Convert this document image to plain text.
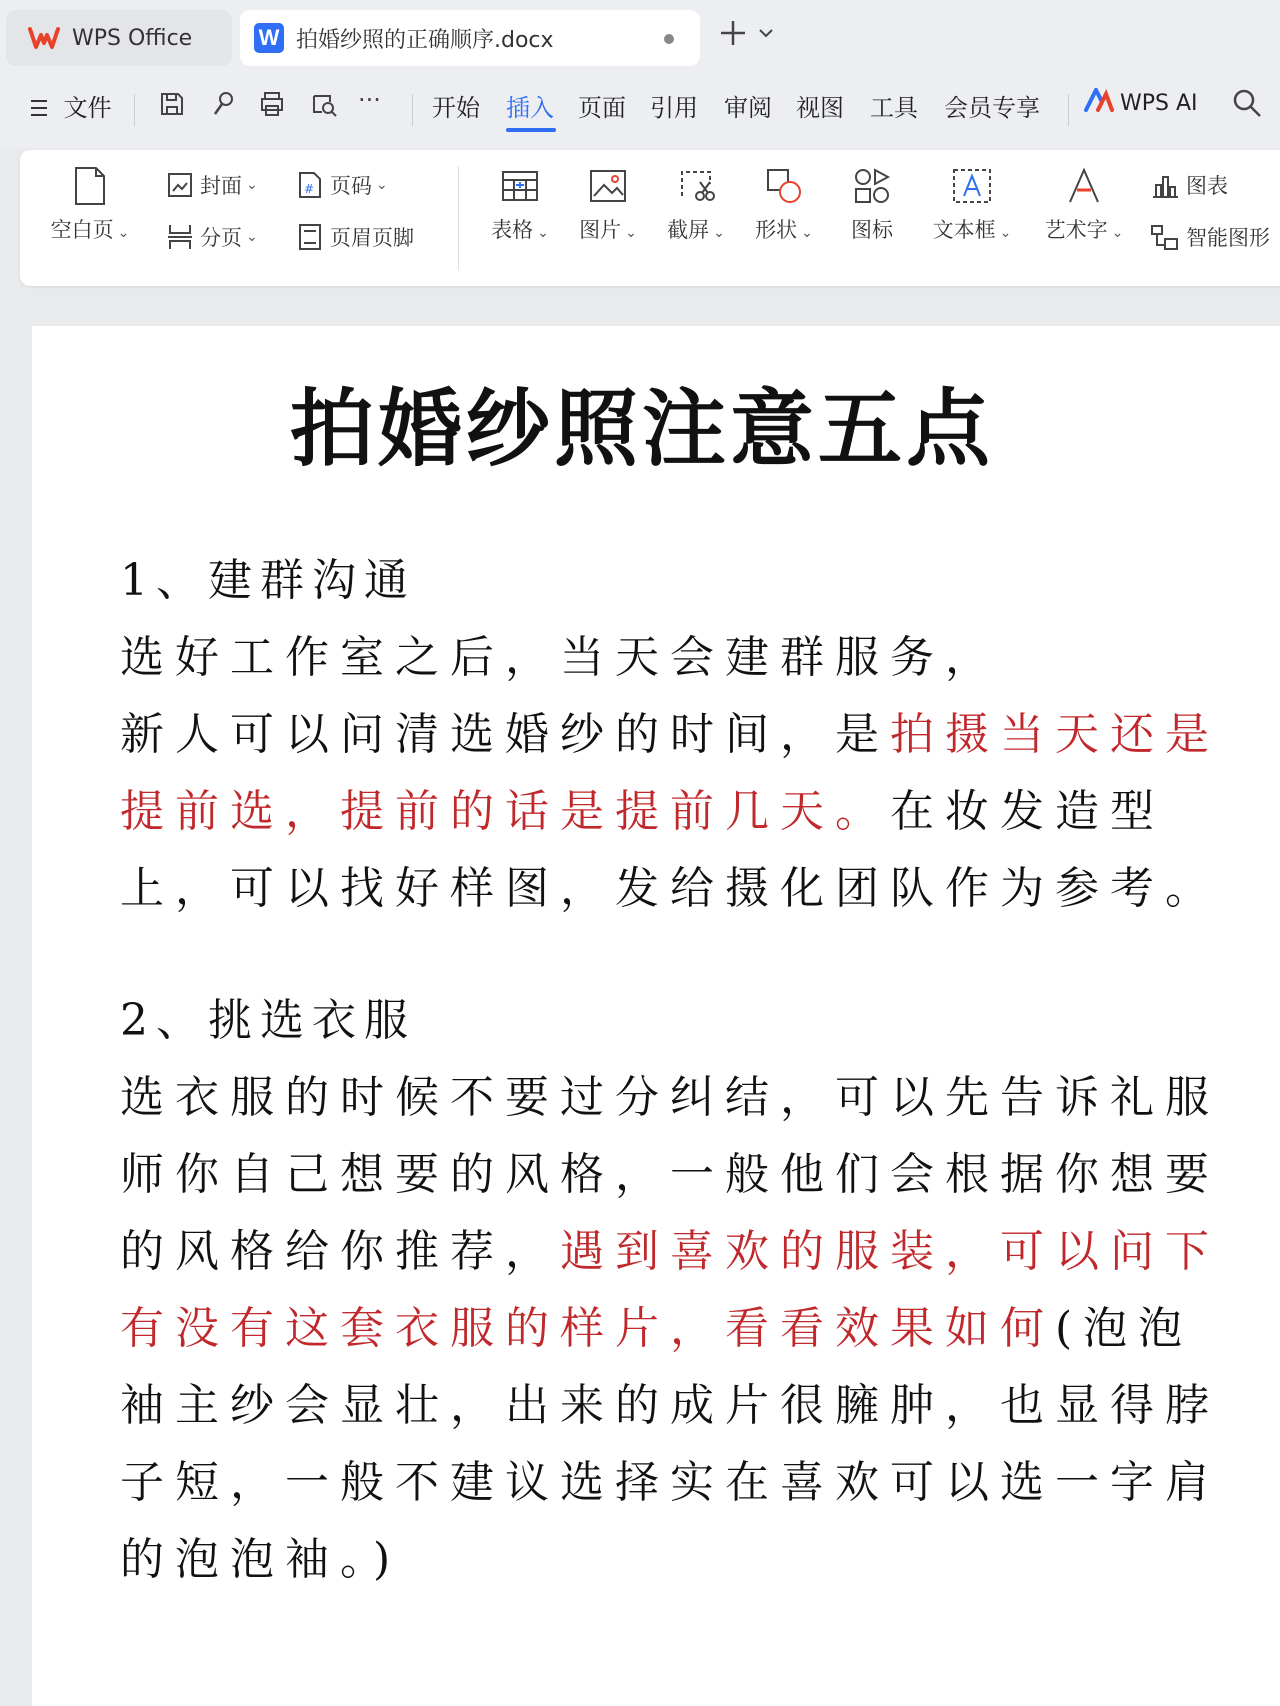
WPS Office	W 拍婚纱照的正确顺序.docx
文件	··· 开始 插入 页面 引用 审阅 视图 工具 会员专享	WPS AI
空白页 ⌄
封面 ⌄
分页 ⌄
# 页码 ⌄
页眉页脚	表格 ⌄ 图片 ⌄ 截屏 ⌄ 形状 ⌄ 图标 文本框 ⌄ 艺术字 ⌄
图表
智能图形
拍婚纱照注意五点
1、建群沟通
选好工作室之后，当天会建群服务，
新人可以问清选婚纱的时间，是拍摄当天还是提前选，提前的话是提前几天。在妆发造型上，可以找好样图，发给摄化团队作为参考。
2、挑选衣服
选衣服的时候不要过分纠结，可以先告诉礼服师你自己想要的风格，一般他们会根据你想要的风格给你推荐，遇到喜欢的服装，可以问下有没有这套衣服的样片，看看效果如何(泡泡袖主纱会显壮，出来的成片很臃肿，也显得脖子短，一般不建议选择实在喜欢可以选一字肩的泡泡袖。)
